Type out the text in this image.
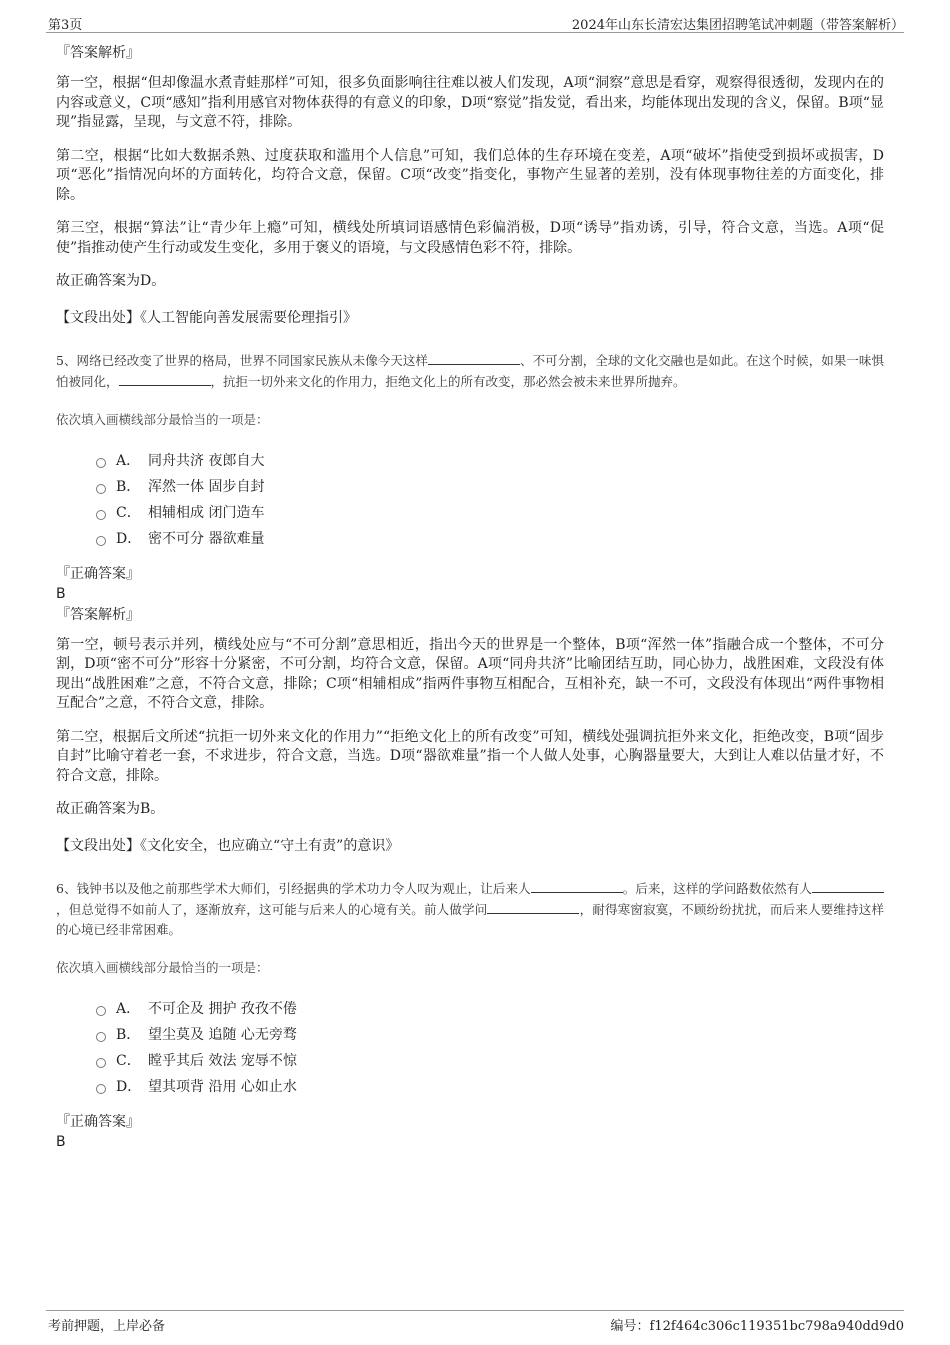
第3页	2024年山东长清宏达集团招聘笔试冲刺题（带答案解析）

『答案解析』

第一空，根据“但却像温水煮青蛙那样”可知，很多负面影响往往难以被人们发现，A项“洞察”意思是看穿，观察得很透彻，发现内在的内容或意义，C项“感知”指利用感官对物体获得的有意义的印象，D项“察觉”指发觉，看出来，均能体现出发现的含义，保留。B项“显现”指显露，呈现，与文意不符，排除。

第二空，根据“比如大数据杀熟、过度获取和滥用个人信息”可知，我们总体的生存环境在变差，A项“破坏”指使受到损坏或损害，D项“恶化”指情况向坏的方面转化，均符合文意，保留。C项“改变”指变化，事物产生显著的差别，没有体现事物往差的方面变化，排除。

第三空，根据“算法”让“青少年上瘾”可知，横线处所填词语感情色彩偏消极，D项“诱导”指劝诱，引导，符合文意，当选。A项“促使”指推动使产生行动或发生变化，多用于褒义的语境，与文段感情色彩不符，排除。

故正确答案为D。

【文段出处】《人工智能向善发展需要伦理指引》

5、网络已经改变了世界的格局，世界不同国家民族从未像今天这样	、不可分割，全球的文化交融也是如此。在这个时候，如果一味惧怕被同化，	，抗拒一切外来文化的作用力，拒绝文化上的所有改变，那必然会被未来世界所抛弃。

依次填入画横线部分最恰当的一项是：

A． 同舟共济 夜郎自大
B． 浑然一体 固步自封
C． 相辅相成 闭门造车
D． 密不可分 器欲难量

『正确答案』

B

『答案解析』

第一空，顿号表示并列，横线处应与“不可分割”意思相近，指出今天的世界是一个整体，B项“浑然一体”指融合成一个整体，不可分割，D项“密不可分”形容十分紧密，不可分割，均符合文意，保留。A项“同舟共济”比喻团结互助，同心协力，战胜困难，文段没有体现出“战胜困难”之意，不符合文意，排除；C项“相辅相成”指两件事物互相配合，互相补充，缺一不可，文段没有体现出“两件事物相互配合”之意，不符合文意，排除。

第二空，根据后文所述“抗拒一切外来文化的作用力”“拒绝文化上的所有改变”可知，横线处强调抗拒外来文化，拒绝改变，B项“固步自封”比喻守着老一套，不求进步，符合文意，当选。D项“器欲难量”指一个人做人处事，心胸器量要大，大到让人难以估量才好，不符合文意，排除。

故正确答案为B。

【文段出处】《文化安全，也应确立“守土有责”的意识》

6、钱钟书以及他之前那些学术大师们，引经据典的学术功力令人叹为观止，让后来人	。后来，这样的学问路数依然有人，但总觉得不如前人了，逐渐放弃，这可能与后来人的心境有关。前人做学问	，耐得寒窗寂寞，不顾纷纷扰扰，而后来人要维持这样的心境已经非常困难。

依次填入画横线部分最恰当的一项是：

A． 不可企及 拥护 孜孜不倦
B． 望尘莫及 追随 心无旁骛
C． 瞠乎其后 效法 宠辱不惊
D． 望其项背 沿用 心如止水

『正确答案』

B

考前押题，上岸必备	编号：f12f464c306c119351bc798a940dd9d0
